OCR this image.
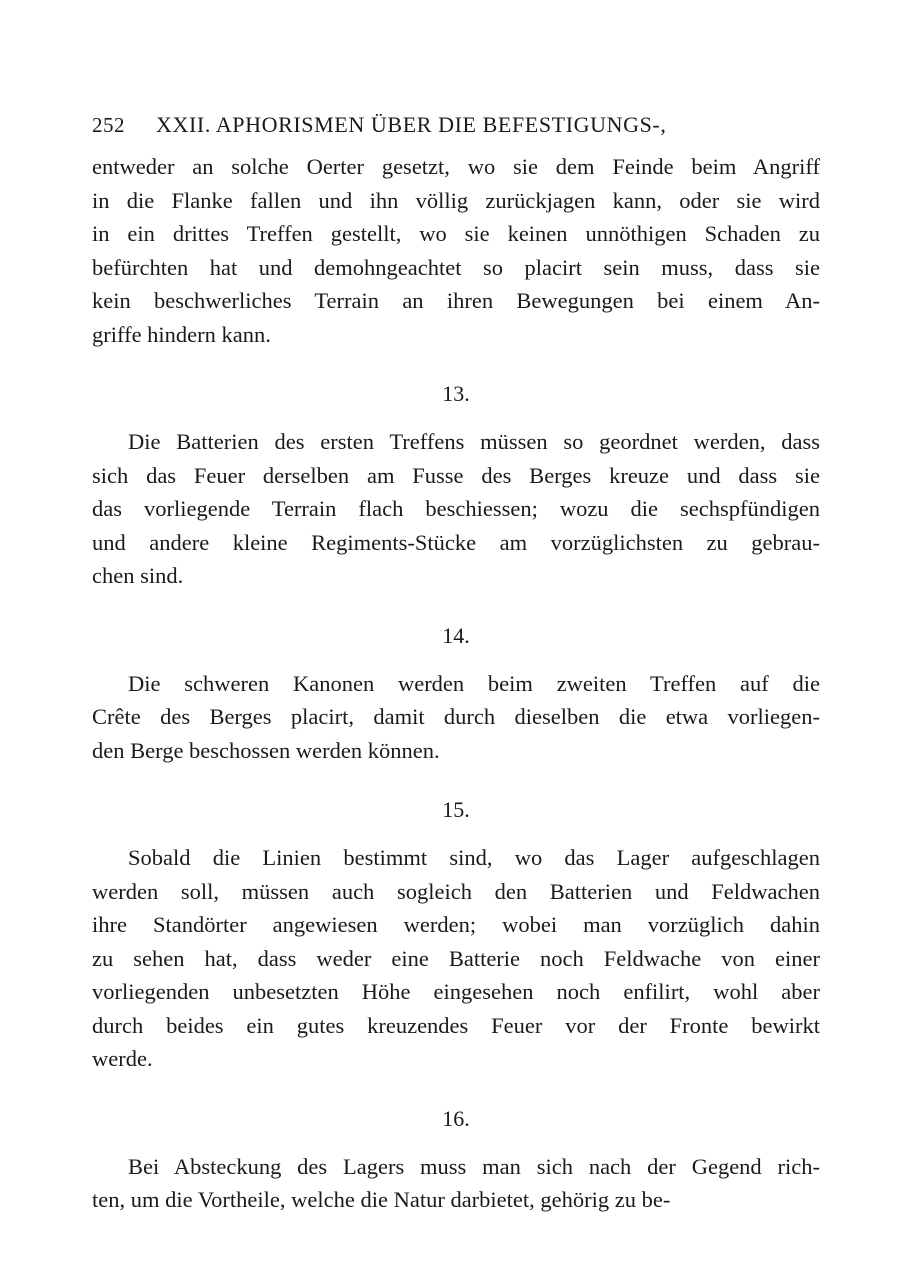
252	XXII. APHORISMEN ÜBER DIE BEFESTIGUNGS-,

entweder an solche Oerter gesetzt, wo sie dem Feinde beim Angriff
in die Flanke fallen und ihn völlig zurückjagen kann, oder sie wird
in ein drittes Treffen gestellt, wo sie keinen unnöthigen Schaden zu
befürchten hat und demohngeachtet so placirt sein muss, dass sie
kein beschwerliches Terrain an ihren Bewegungen bei einem An-
griffe hindern kann.

13.

Die Batterien des ersten Treffens müssen so geordnet werden, dass
sich das Feuer derselben am Fusse des Berges kreuze und dass sie
das vorliegende Terrain flach beschiessen; wozu die sechspfündigen
und andere kleine Regiments-Stücke am vorzüglichsten zu gebrau-
chen sind.

14.

Die schweren Kanonen werden beim zweiten Treffen auf die
Crête des Berges placirt, damit durch dieselben die etwa vorliegen-
den Berge beschossen werden können.

15.

Sobald die Linien bestimmt sind, wo das Lager aufgeschlagen
werden soll, müssen auch sogleich den Batterien und Feldwachen
ihre Standörter angewiesen werden; wobei man vorzüglich dahin
zu sehen hat, dass weder eine Batterie noch Feldwache von einer
vorliegenden unbesetzten Höhe eingesehen noch enfilirt, wohl aber
durch beides ein gutes kreuzendes Feuer vor der Fronte bewirkt
werde.

16.

Bei Absteckung des Lagers muss man sich nach der Gegend rich-
ten, um die Vortheile, welche die Natur darbietet, gehörig zu be-
